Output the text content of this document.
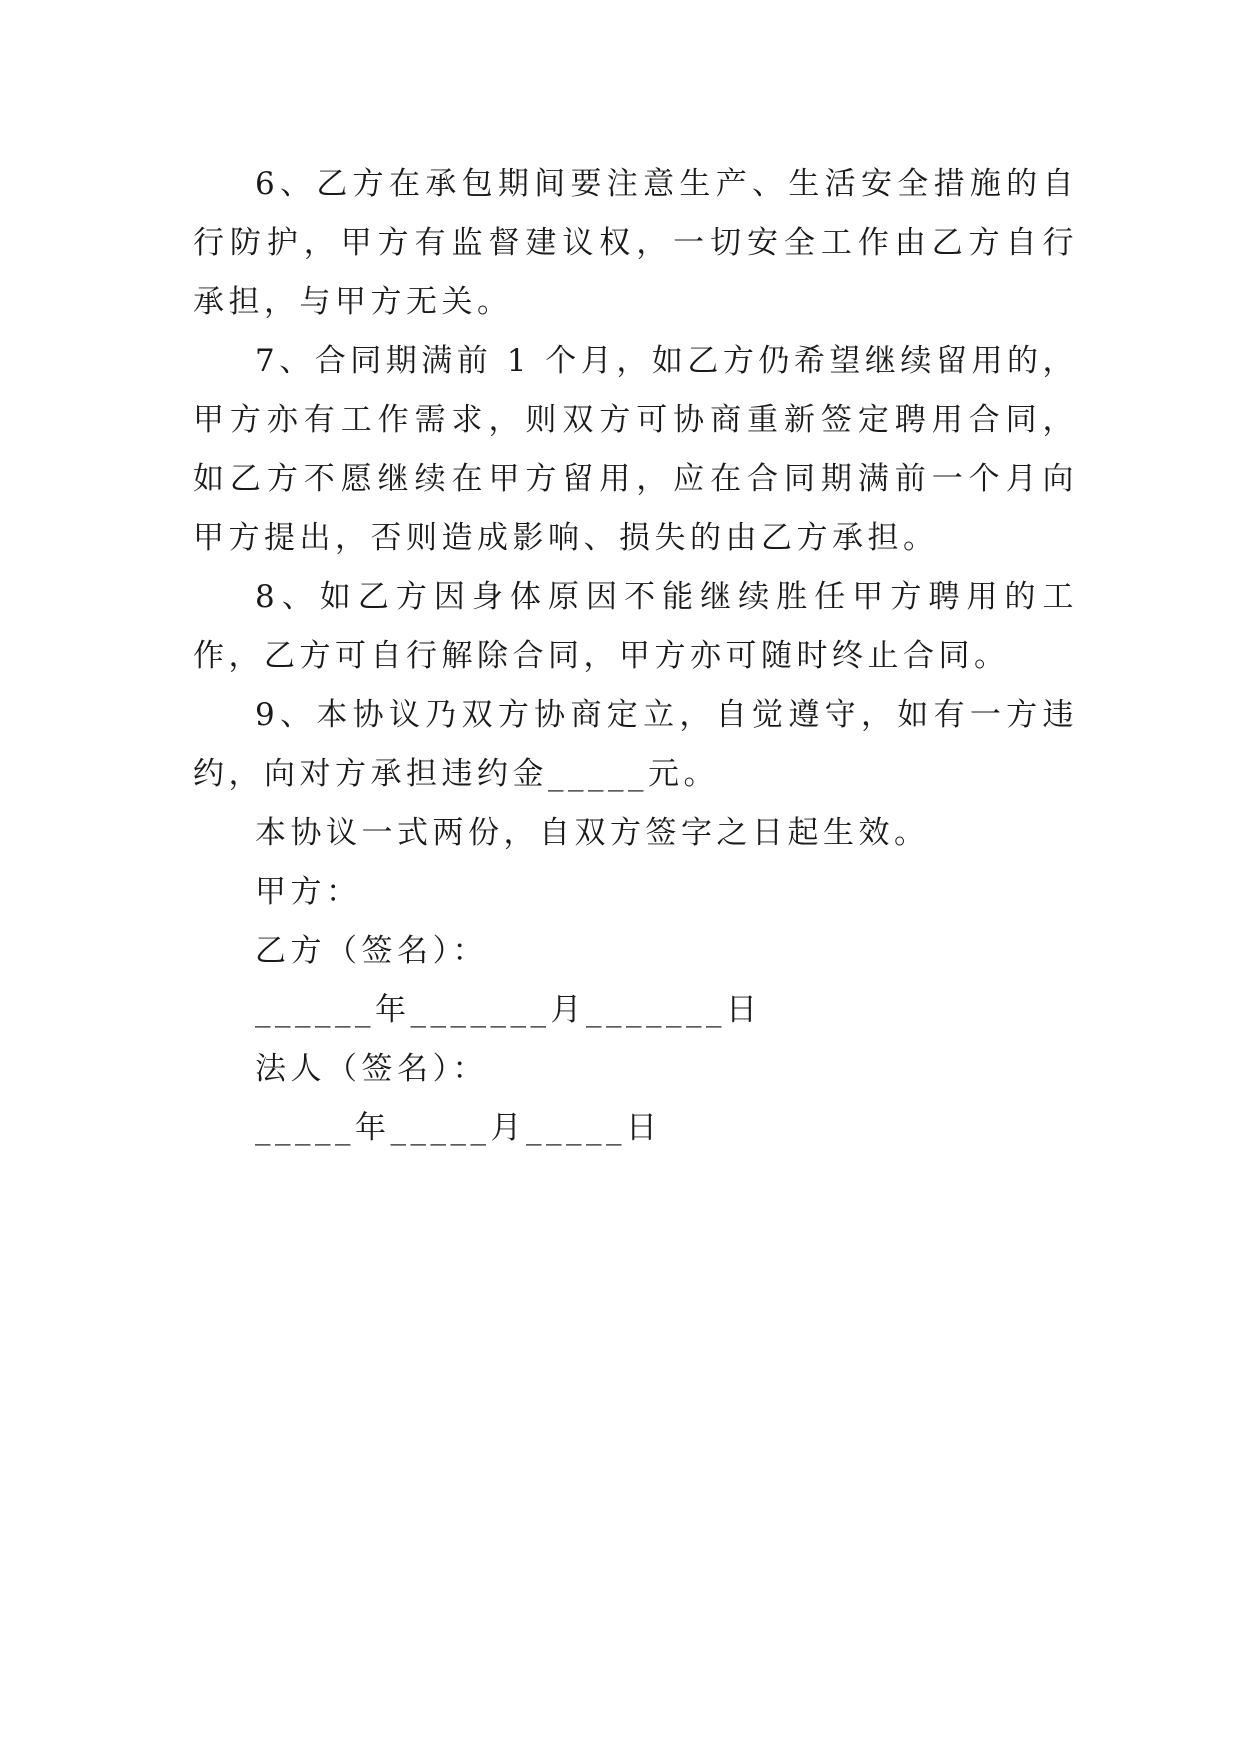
6、乙方在承包期间要注意生产、生活安全措施的自行防护，甲方有监督建议权，一切安全工作由乙方自行承担，与甲方无关。

7、合同期满前 1 个月，如乙方仍希望继续留用的，甲方亦有工作需求，则双方可协商重新签定聘用合同，如乙方不愿继续在甲方留用，应在合同期满前一个月向甲方提出，否则造成影响、损失的由乙方承担。

8、如乙方因身体原因不能继续胜任甲方聘用的工作，乙方可自行解除合同，甲方亦可随时终止合同。

9、本协议乃双方协商定立，自觉遵守，如有一方违约，向对方承担违约金_____元。

本协议一式两份，自双方签字之日起生效。

甲方：

乙方（签名）：

______年_______月_______日

法人（签名）：

_____年_____月_____日
